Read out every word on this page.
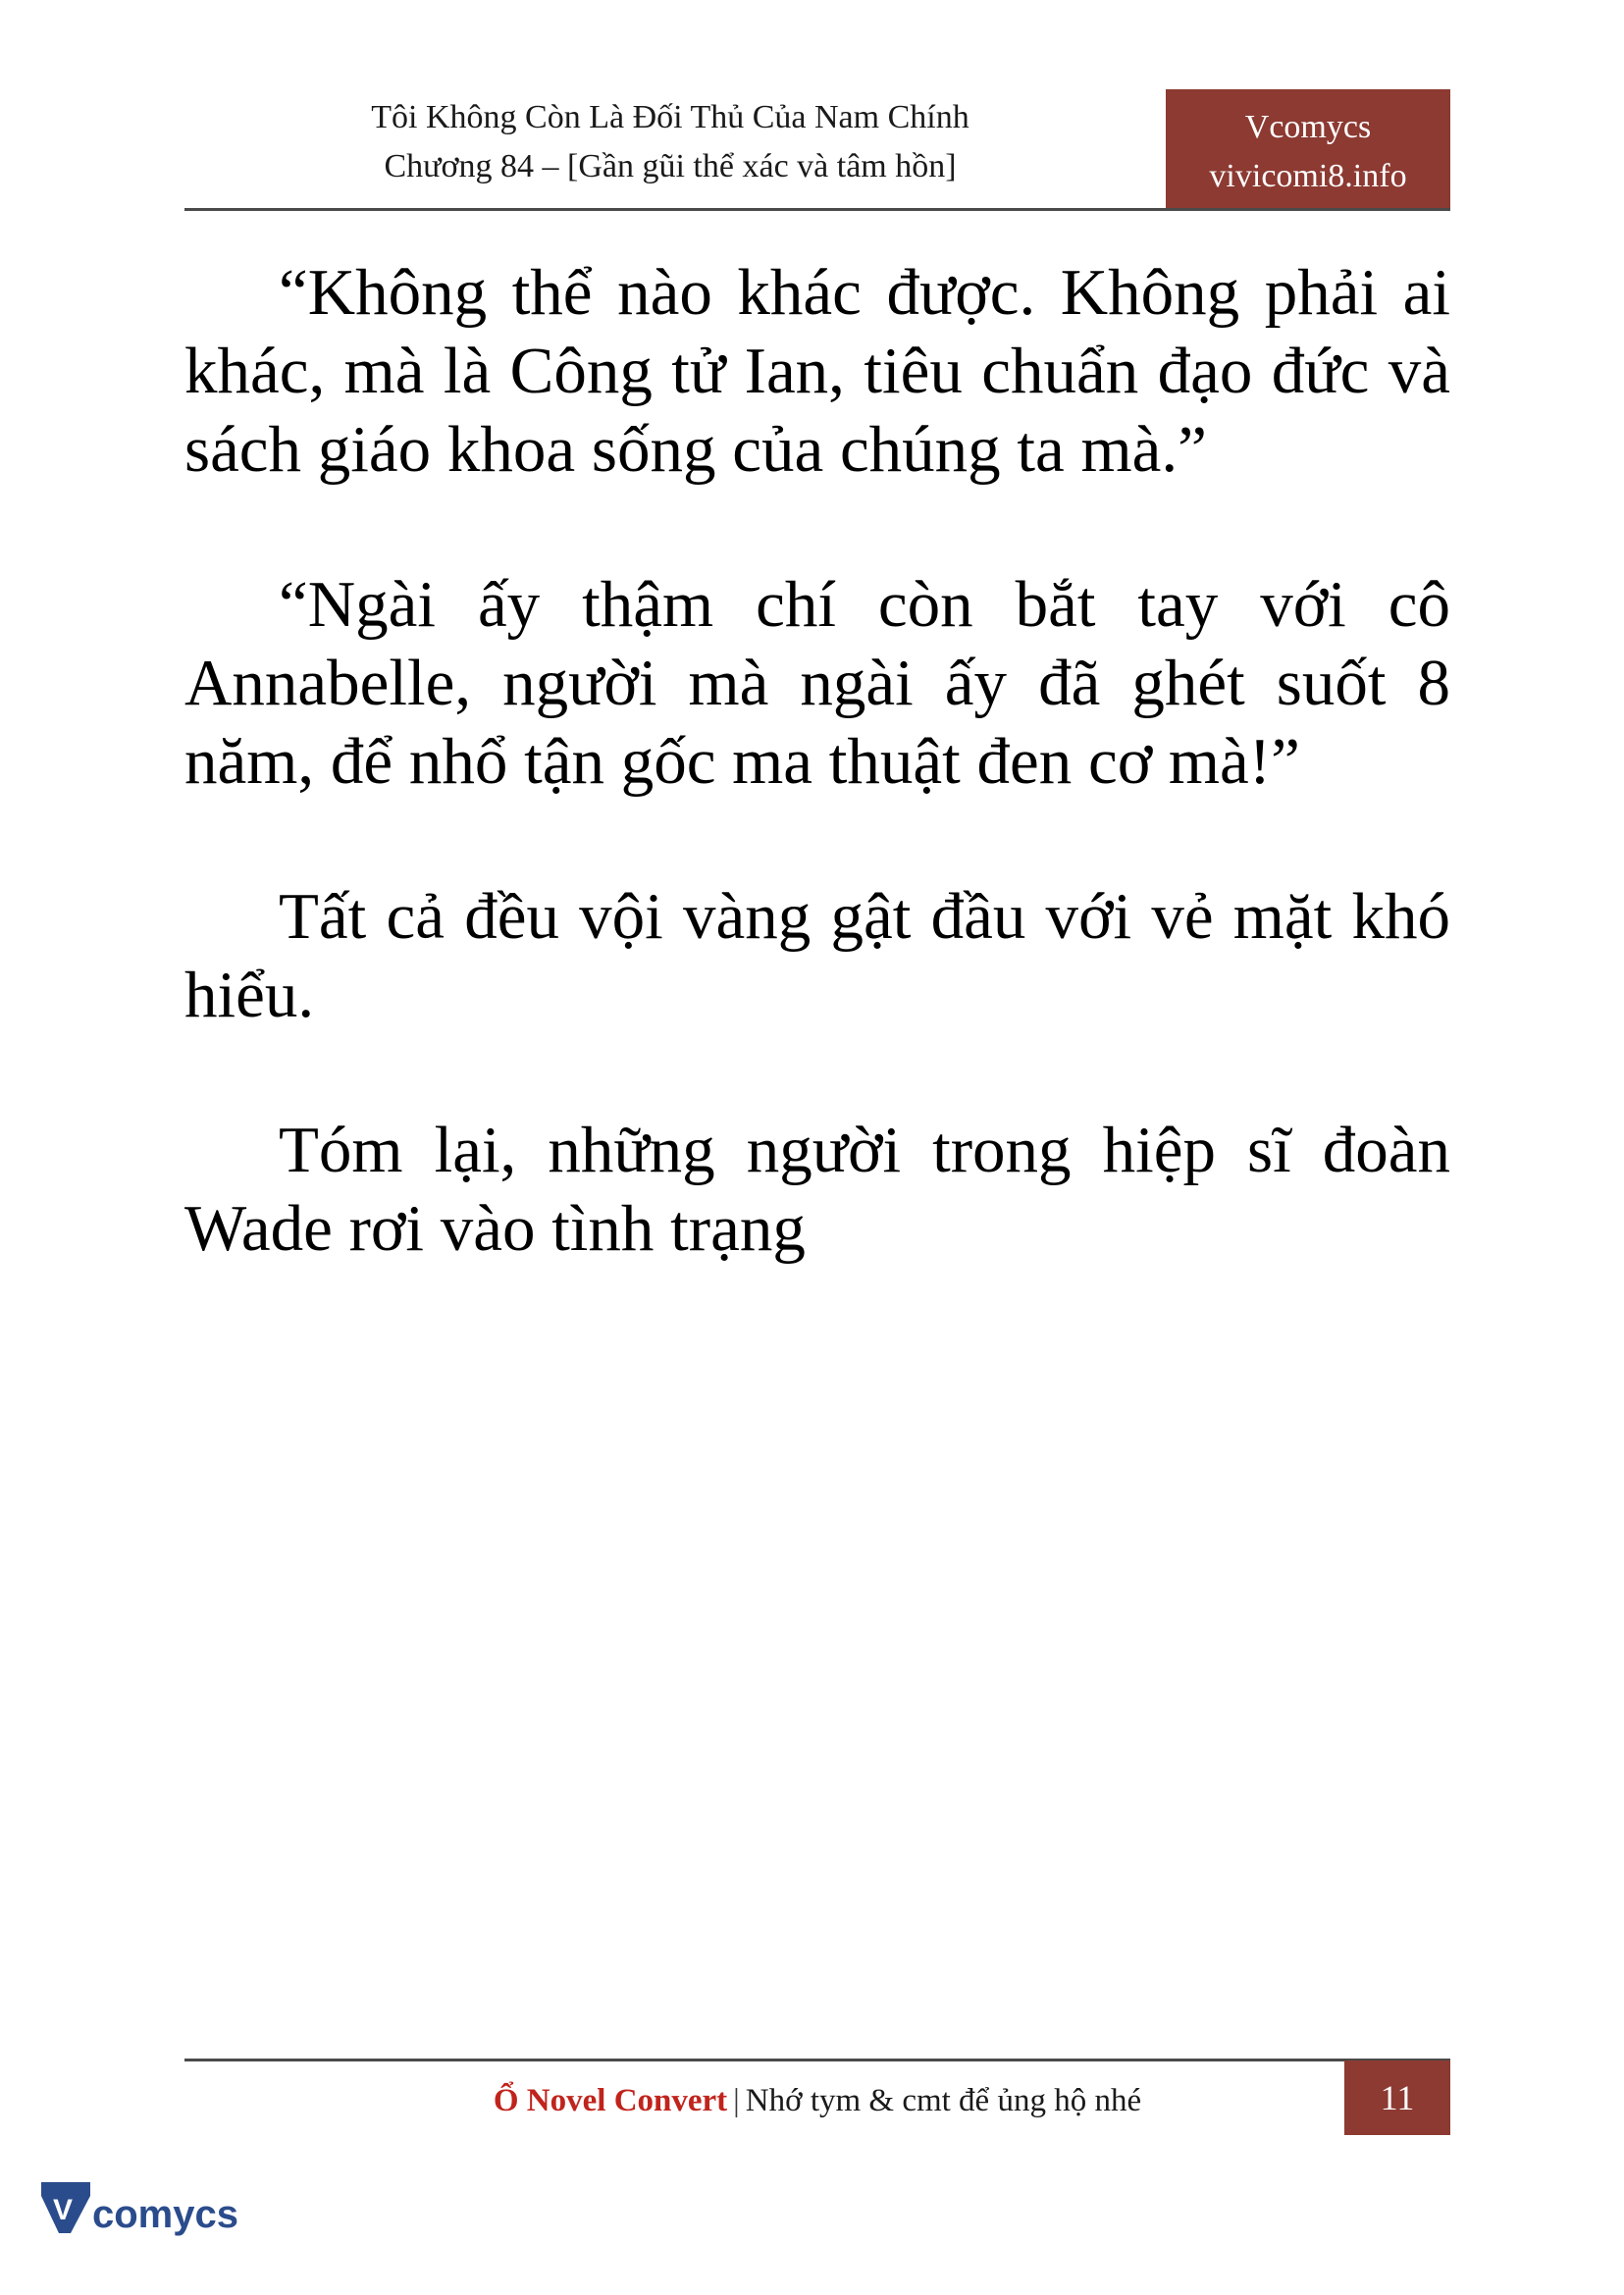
Tôi Không Còn Là Đối Thủ Của Nam Chính
Chương 84 – [Gần gũi thể xác và tâm hồn]
Vcomycs
vivicomi8.info

“Không thể nào khác được. Không phải ai khác, mà là Công tử Ian, tiêu chuẩn đạo đức và sách giáo khoa sống của chúng ta mà.”

“Ngài ấy thậm chí còn bắt tay với cô Annabelle, người mà ngài ấy đã ghét suốt 8 năm, để nhổ tận gốc ma thuật đen cơ mà!”

Tất cả đều vội vàng gật đầu với vẻ mặt khó hiểu.

Tóm lại, những người trong hiệp sĩ đoàn Wade rơi vào tình trạng

Ổ Novel Convert | Nhớ tym & cmt để ủng hộ nhé	11
V comycs
